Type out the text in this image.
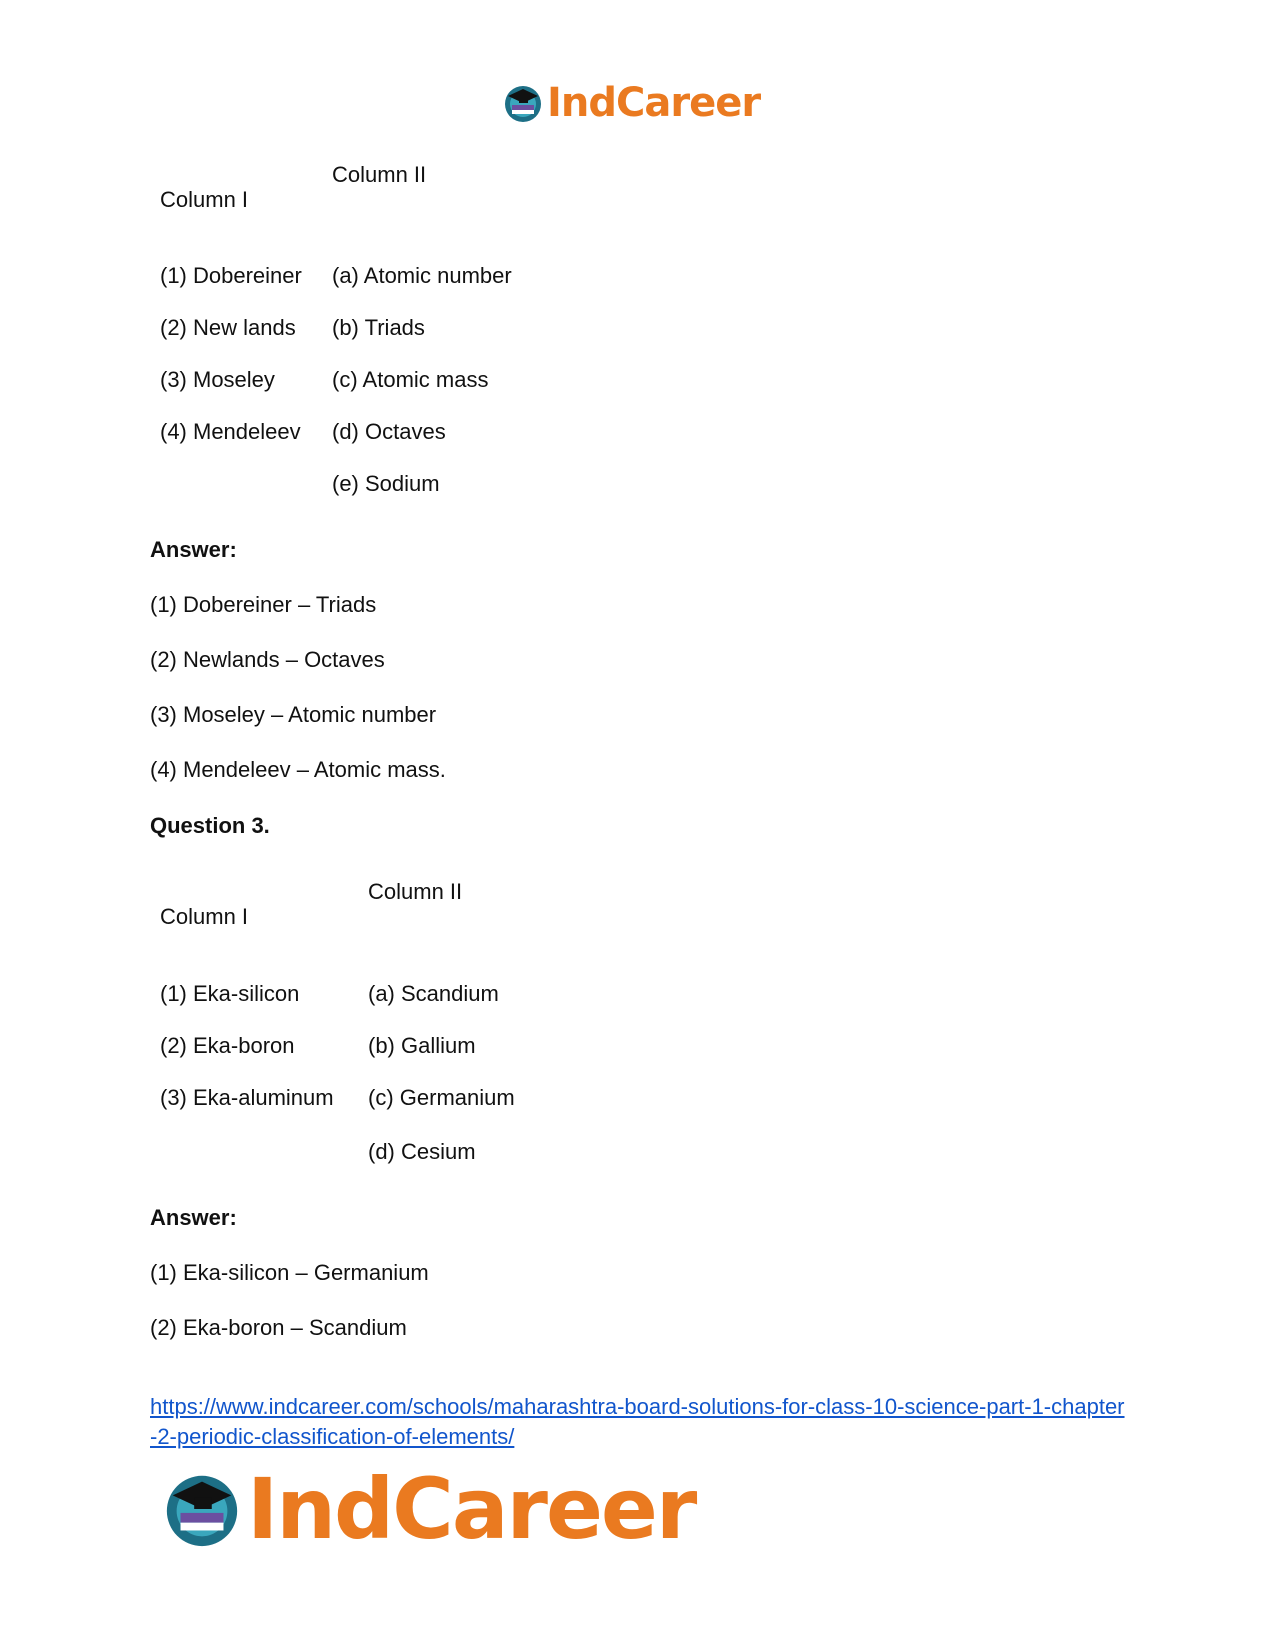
IndCareer
Column I
Column II
(1) Dobereiner
(2) New lands
(3) Moseley
(4) Mendeleev
(a) Atomic number
(b) Triads
(c) Atomic mass
(d) Octaves
(e) Sodium
Answer:
(1) Dobereiner – Triads
(2) Newlands – Octaves
(3) Moseley – Atomic number
(4) Mendeleev – Atomic mass.
Question 3.
Column I
Column II
(1) Eka-silicon
(2) Eka-boron
(3) Eka-aluminum
(a) Scandium
(b) Gallium
(c) Germanium
(d) Cesium
Answer:
(1) Eka-silicon – Germanium
(2) Eka-boron – Scandium
https://www.indcareer.com/schools/maharashtra-board-solutions-for-class-10-science-part-1-chapter-2-periodic-classification-of-elements/
IndCareer
